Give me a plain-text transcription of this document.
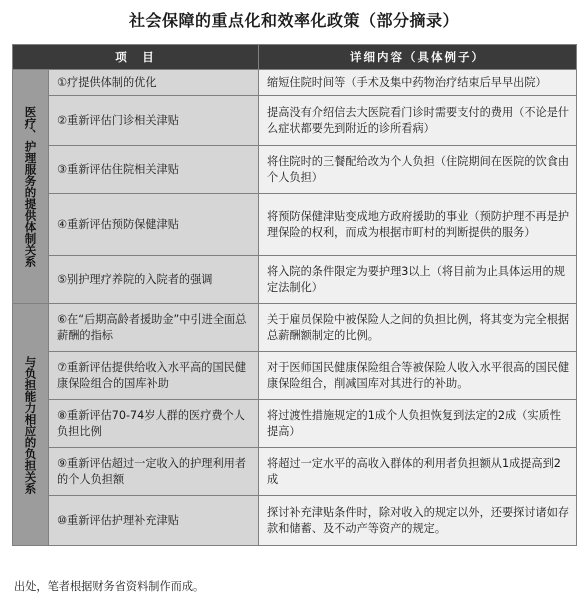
社会保障的重点化和效率化政策（部分摘录）
项　目		详细内容（具体例子）

医疗、护理服务的提供体制关系	①疗提供体制的优化	缩短住院时间等（手术及集中药物治疗结束后早早出院）

	②重新评估门诊相关津贴	提高没有介绍信去大医院看门诊时需要支付的费用（不论是什么症状都要先到附近的诊所看病）

	③重新评估住院相关津贴	将住院时的三餐配给改为个人负担（住院期间在医院的饮食由个人负担）

	④重新评估预防保健津贴	将预防保健津贴变成地方政府援助的事业（预防护理不再是护理保险的权利，而成为根据市町村的判断提供的服务）

	⑤别护理疗养院的入院者的强调	将入院的条件限定为要护理3以上（将目前为止具体运用的规定法制化）

与负担能力相应的负担关系	⑥在“后期高龄者援助金”中引进全面总薪酬的指标	关于雇员保险中被保险人之间的负担比例，将其变为完全根据总薪酬额制定的比例。

	⑦重新评估提供给收入水平高的国民健康保险组合的国库补助	对于医师国民健康保险组合等被保险人收入水平很高的国民健康保险组合，削减国库对其进行的补助。

	⑧重新评估70-74岁人群的医疗费个人负担比例	将过渡性措施规定的1成个人负担恢复到法定的2成（实质性提高）

	⑨重新评估超过一定收入的护理利用者的个人负担额	将超过一定水平的高收入群体的利用者负担额从1成提高到2成

	⑩重新评估护理补充津贴	探讨补充津贴条件时，除对收入的规定以外，还要探讨诸如存款和储蓄、及不动产等资产的规定。
出处，笔者根据财务省资料制作而成。
